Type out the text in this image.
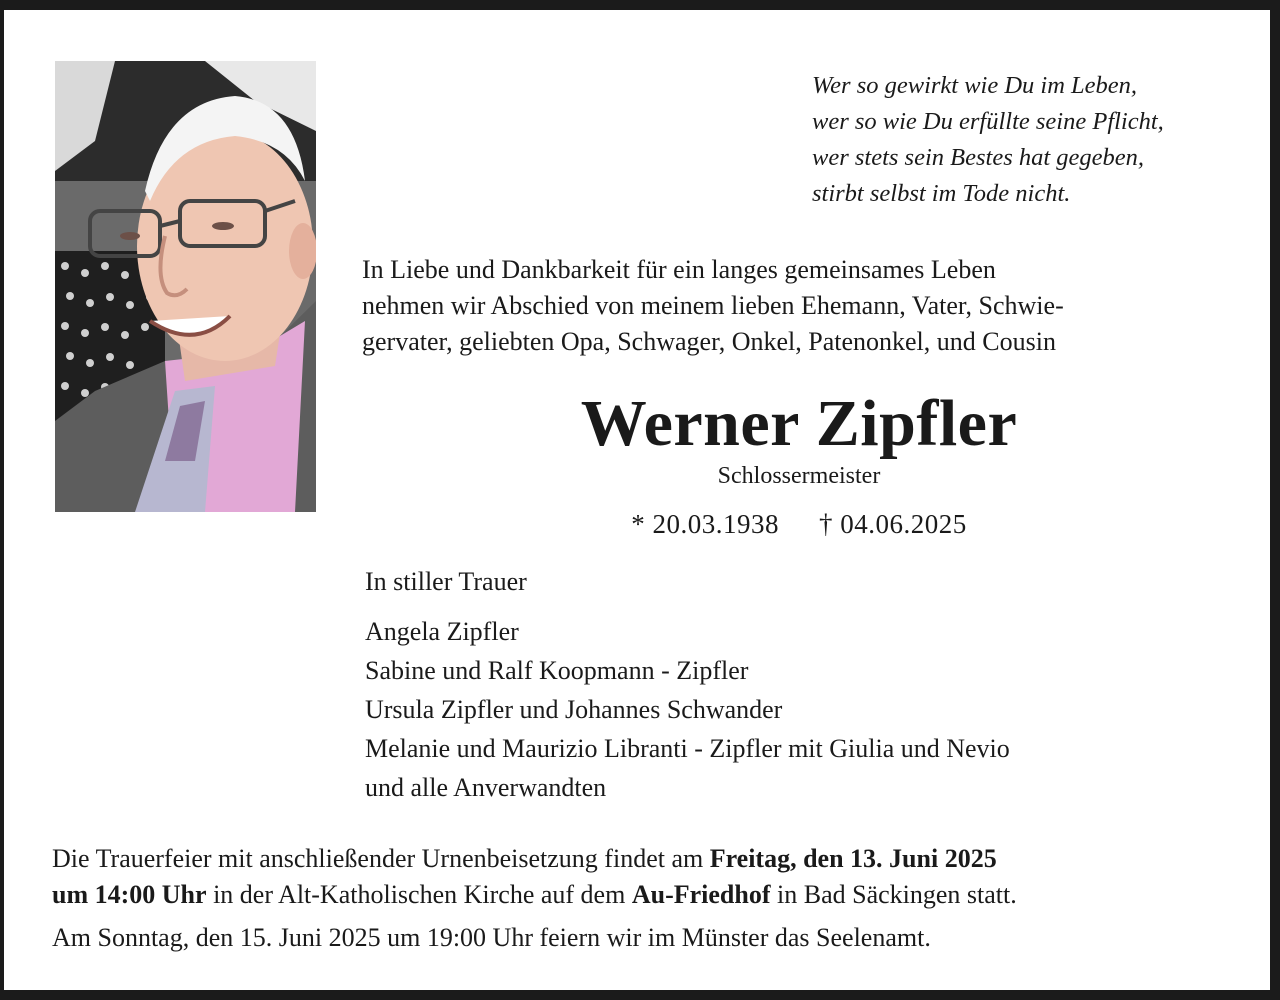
Wer so gewirkt wie Du im Leben,
wer so wie Du erfüllte seine Pflicht,
wer stets sein Bestes hat gegeben,
stirbt selbst im Tode nicht.
In Liebe und Dankbarkeit für ein langes gemeinsames Leben
nehmen wir Abschied von meinem lieben Ehemann, Vater, Schwie-
gervater, geliebten Opa, Schwager, Onkel, Patenonkel, und Cousin
Werner Zipfler
Schlossermeister
* 20.03.1938 † 04.06.2025
In stiller Trauer
Angela Zipfler
Sabine und Ralf Koopmann - Zipfler
Ursula Zipfler und Johannes Schwander
Melanie und Maurizio Libranti - Zipfler mit Giulia und Nevio
und alle Anverwandten
Die Trauerfeier mit anschließender Urnenbeisetzung findet am Freitag, den 13. Juni 2025
um 14:00 Uhr in der Alt-Katholischen Kirche auf dem Au-Friedhof in Bad Säckingen statt.
Am Sonntag, den 15. Juni 2025 um 19:00 Uhr feiern wir im Münster das Seelenamt.
